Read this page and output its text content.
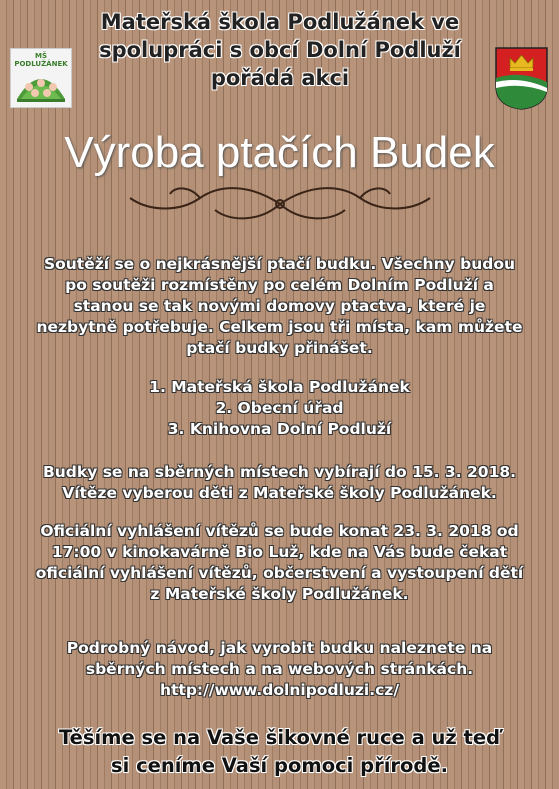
Mateřská škola Podlužánek ve
spolupráci s obcí Dolní Podluží
pořádá akci
MŠ PODLUŽÁNEK
Výroba ptačích Budek

Soutěží se o nejkrásnější ptačí budku. Všechny budou

po soutěži rozmístěny po celém Dolním Podluží a

stanou se tak novými domovy ptactva, které je

nezbytně potřebuje. Celkem jsou tři místa, kam můžete

ptačí budky přinášet.

1. Mateřská škola Podlužánek

2. Obecní úřad

3. Knihovna Dolní Podluží

Budky se na sběrných místech vybírají do 15. 3. 2018.

Vítěze vyberou děti z Mateřské školy Podlužánek.

Oficiální vyhlášení vítězů se bude konat 23. 3. 2018 od

17:00 v kinokavárně Bio Luž, kde na Vás bude čekat

oficiální vyhlášení vítězů, občerstvení a vystoupení dětí

z Mateřské školy Podlužánek.

Podrobný návod, jak vyrobit budku naleznete na

sběrných místech a na webových stránkách.

http://www.dolnipodluzi.cz/

Těšíme se na Vaše šikovné ruce a už teď
si ceníme Vaší pomoci přírodě.
